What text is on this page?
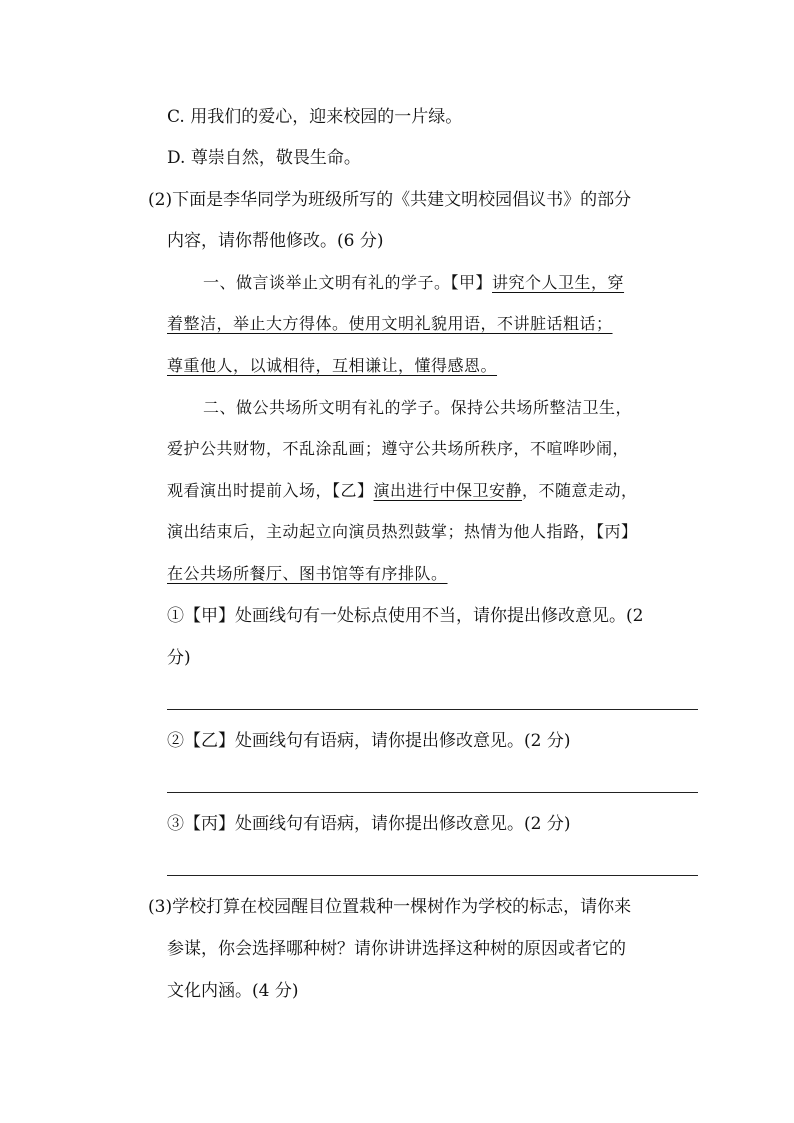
C. 用我们的爱心，迎来校园的一片绿。
D. 尊崇自然，敬畏生命。
(2)下面是李华同学为班级所写的《共建文明校园倡议书》的部分
内容，请你帮他修改。(6 分)
一、做言谈举止文明有礼的学子。【甲】讲究个人卫生，穿
着整洁，举止大方得体。使用文明礼貌用语，不讲脏话粗话；
尊重他人，以诚相待，互相谦让，懂得感恩。
二、做公共场所文明有礼的学子。保持公共场所整洁卫生，
爱护公共财物，不乱涂乱画；遵守公共场所秩序，不喧哗吵闹，
观看演出时提前入场，【乙】演出进行中保卫安静，不随意走动，
演出结束后，主动起立向演员热烈鼓掌；热情为他人指路，【丙】
在公共场所餐厅、图书馆等有序排队。
①【甲】处画线句有一处标点使用不当，请你提出修改意见。(2
分)
②【乙】处画线句有语病，请你提出修改意见。(2 分)
③【丙】处画线句有语病，请你提出修改意见。(2 分)
(3)学校打算在校园醒目位置栽种一棵树作为学校的标志，请你来
参谋，你会选择哪种树？请你讲讲选择这种树的原因或者它的
文化内涵。(4 分)
